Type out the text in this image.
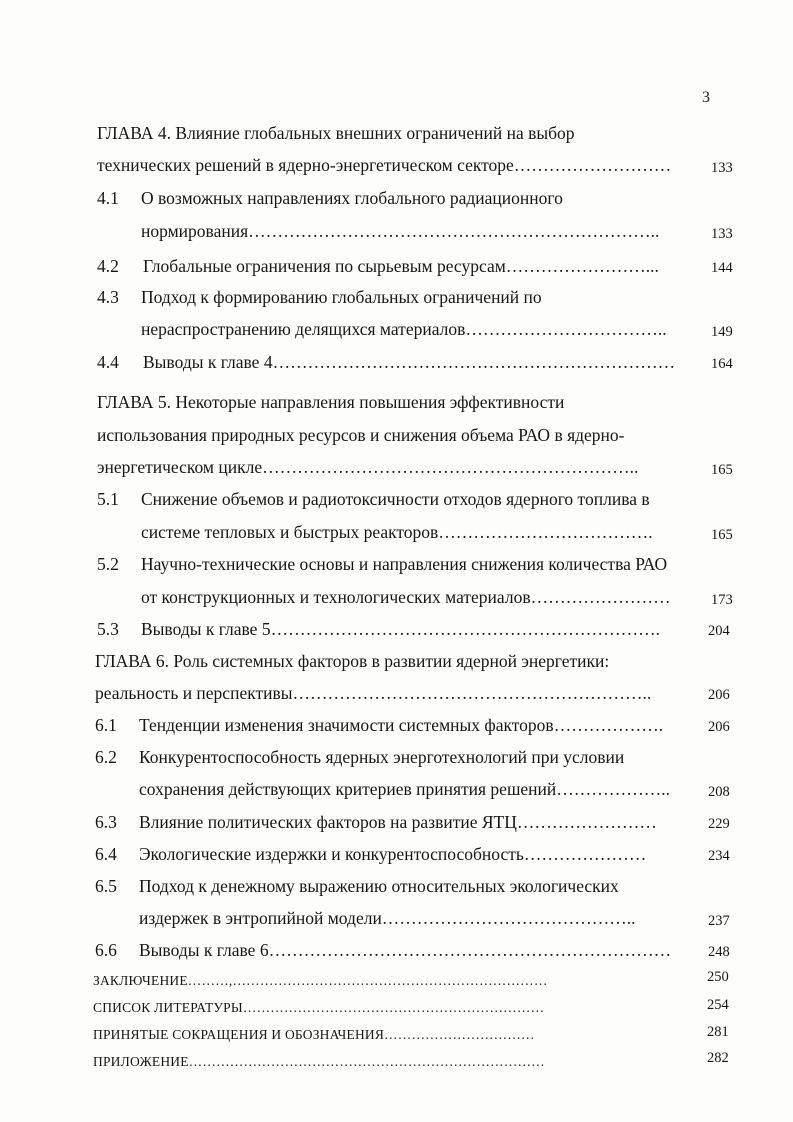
3
ГЛАВА 4. Влияние глобальных внешних ограничений на выбор
технических решений в ядерно-энергетическом секторе………………………	133
4.1 О возможных направлениях глобального радиационного
нормирования……………………………………………………………..	133
4.2 Глобальные ограничения по сырьевым ресурсам……………………...	144
4.3 Подход к формированию глобальных ограничений по
нераспространению делящихся материалов……………………………..	149
4.4 Выводы к главе 4…………………………………………………………… 164
ГЛАВА 5. Некоторые направления повышения эффективности
использования природных ресурсов и снижения объема РАО в ядерно-
энергетическом цикле………………………………………………………..	165
5.1 Снижение объемов и радиотоксичности отходов ядерного топлива в
системе тепловых и быстрых реакторов……………………………….	165
5.2 Научно-технические основы и направления снижения количества РАО
от конструкционных и технологических материалов……………………	173
5.3 Выводы к главе 5………………………………………………………….	204
ГЛАВА 6. Роль системных факторов в развитии ядерной энергетики:
реальность и перспективы……………………………………………………..	206
6.1 Тенденции изменения значимости системных факторов……………….	206
6.2 Конкурентоспособность ядерных энерготехнологий при условии
сохранения действующих критериев принятия решений………………..	208
6.3 Влияние политических факторов на развитие ЯТЦ……………………	229
6.4 Экологические издержки и конкурентоспособность…………………	234
6.5 Подход к денежному выражению относительных экологических
издержек в энтропийной модели……………………………………..	237
6.6 Выводы к главе 6……………………………………………………………	248
ЗАКЛЮЧЕНИЕ………,……………………………………………………………	250
СПИСОК ЛИТЕРАТУРЫ…………………………………………………………	254
ПРИНЯТЫЕ СОКРАЩЕНИЯ И ОБОЗНАЧЕНИЯ……………………………	281
ПРИЛОЖЕНИЕ……………………………………………………………………	282
